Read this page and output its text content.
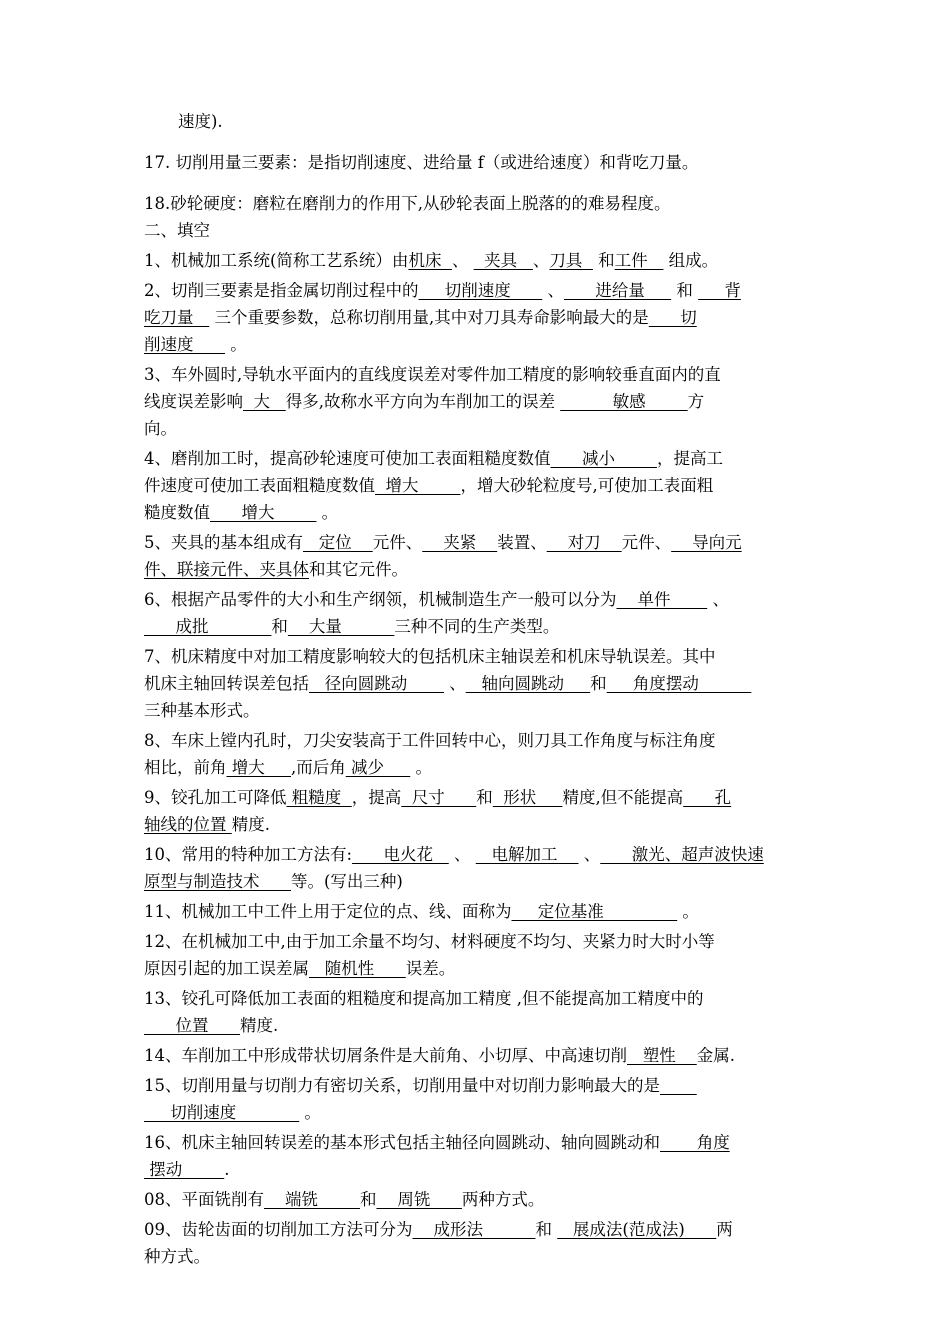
速度).

17. 切削用量三要素：是指切削速度、进给量 f（或进给速度）和背吃刀量。

18.砂轮硬度：磨粒在磨削力的作用下,从砂轮表面上脱落的的难易程度。

二、填空

1、机械加工系统(简称工艺系统）由机床  、   夹具   、刀具   和工件    组成。

2、切削三要素是指金属切削过程中的     切削速度       、      进给量      和      背
吃刀量    三个重要参数，总称切削用量,其中对刀具寿命影响最大的是      切
削速度       。

3、车外圆时,导轨水平面内的直线度误差对零件加工精度的影响较垂直面内的直
线度误差影响  大   得多,故称水平方向为车削加工的误差           敏感        方
向。

4、磨削加工时，提高砂轮速度可使加工表面粗糙度数值      减小        ，提高工
件速度可使加工表面粗糙度数值  增大        ，增大砂轮粒度号,可使加工表面粗
糙度数值      增大         。

5、夹具的基本组成有   定位    元件、    夹紧    装置、    对刀    元件、    导向元
件、联接元件、夹具体和其它元件。

6、根据产品零件的大小和生产纲领，机械制造生产一般可以分为    单件        、
成批            和    大量          三种不同的生产类型。

7、机床精度中对加工精度影响较大的包括机床主轴误差和机床导轨误差。其中
机床主轴回转误差包括   径向圆跳动        、   轴向圆跳动     和     角度摆动
三种基本形式。

8、车床上镗内孔时，刀尖安装高于工件回转中心，则刀具工作角度与标注角度
相比，前角 增大     ,而后角 减少      。

9、铰孔加工可降低 粗糙度  ，提高  尺寸      和  形状     精度,但不能提高      孔
轴线的位置 精度.

10、常用的特种加工方法有:      电火花    、    电解加工     、      激光、超声波快速
原型与制造技术      等。(写出三种)

11、机械加工中工件上用于定位的点、线、面称为     定位基准               。

12、在机械加工中,由于加工余量不均匀、材料硬度不均匀、夹紧力时大时小等
原因引起的加工误差属   随机性      误差。

13、铰孔可降低加工表面的粗糙度和提高加工精度 ,但不能提高加工精度中的
位置      精度.

14、车削加工中形成带状切屑条件是大前角、小切厚、中高速切削   塑性    金属.

15、切削用量与切削力有密切关系，切削用量中对切削力影响最大的是
切削速度             。

16、机床主轴回转误差的基本形式包括主轴径向圆跳动、轴向圆跳动和       角度
摆动        .

08、平面铣削有    端铣        和    周铣      两种方式。

09、齿轮齿面的切削加工方法可分为    成形法          和    展成法(范成法)      两
种方式。
